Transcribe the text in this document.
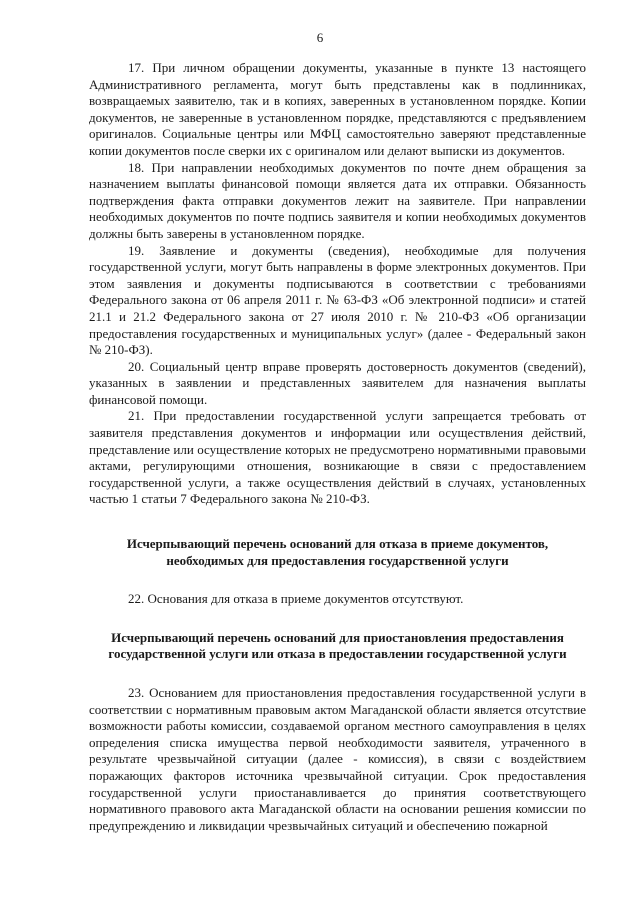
6

17. При личном обращении документы, указанные в пункте 13 настоящего Административного регламента, могут быть представлены как в подлинниках, возвращаемых заявителю, так и в копиях, заверенных в установленном порядке. Копии документов, не заверенные в установленном порядке, представляются с предъявлением оригиналов. Социальные центры или МФЦ самостоятельно заверяют представленные копии документов после сверки их с оригиналом или делают выписки из документов.

18. При направлении необходимых документов по почте днем обращения за назначением выплаты финансовой помощи является дата их отправки. Обязанность подтверждения факта отправки документов лежит на заявителе. При направлении необходимых документов по почте подпись заявителя и копии необходимых документов должны быть заверены в установленном порядке.

19. Заявление и документы (сведения), необходимые для получения государственной услуги, могут быть направлены в форме электронных документов. При этом заявления и документы подписываются в соответствии с требованиями Федерального закона от 06 апреля 2011 г. № 63-ФЗ «Об электронной подписи» и статей 21.1 и 21.2 Федерального закона от 27 июля 2010 г. № 210-ФЗ «Об организации предоставления государственных и муниципальных услуг» (далее - Федеральный закон № 210-ФЗ).

20. Социальный центр вправе проверять достоверность документов (сведений), указанных в заявлении и представленных заявителем для назначения выплаты финансовой помощи.

21. При предоставлении государственной услуги запрещается требовать от заявителя представления документов и информации или осуществления действий, представление или осуществление которых не предусмотрено нормативными правовыми актами, регулирующими отношения, возникающие в связи с предоставлением государственной услуги, а также осуществления действий в случаях, установленных частью 1 статьи 7 Федерального закона № 210-ФЗ.

Исчерпывающий перечень оснований для отказа в приеме документов,
необходимых для предоставления государственной услуги

22. Основания для отказа в приеме документов отсутствуют.

Исчерпывающий перечень оснований для приостановления предоставления
государственной услуги или отказа в предоставлении государственной услуги

23. Основанием для приостановления предоставления государственной услуги в соответствии с нормативным правовым актом Магаданской области является отсутствие возможности работы комиссии, создаваемой органом местного самоуправления в целях определения списка имущества первой необходимости заявителя, утраченного в результате чрезвычайной ситуации (далее - комиссия), в связи с воздействием поражающих факторов источника чрезвычайной ситуации. Срок предоставления государственной услуги приостанавливается до принятия соответствующего нормативного правового акта Магаданской области на основании решения комиссии по предупреждению и ликвидации чрезвычайных ситуаций и обеспечению пожарной
